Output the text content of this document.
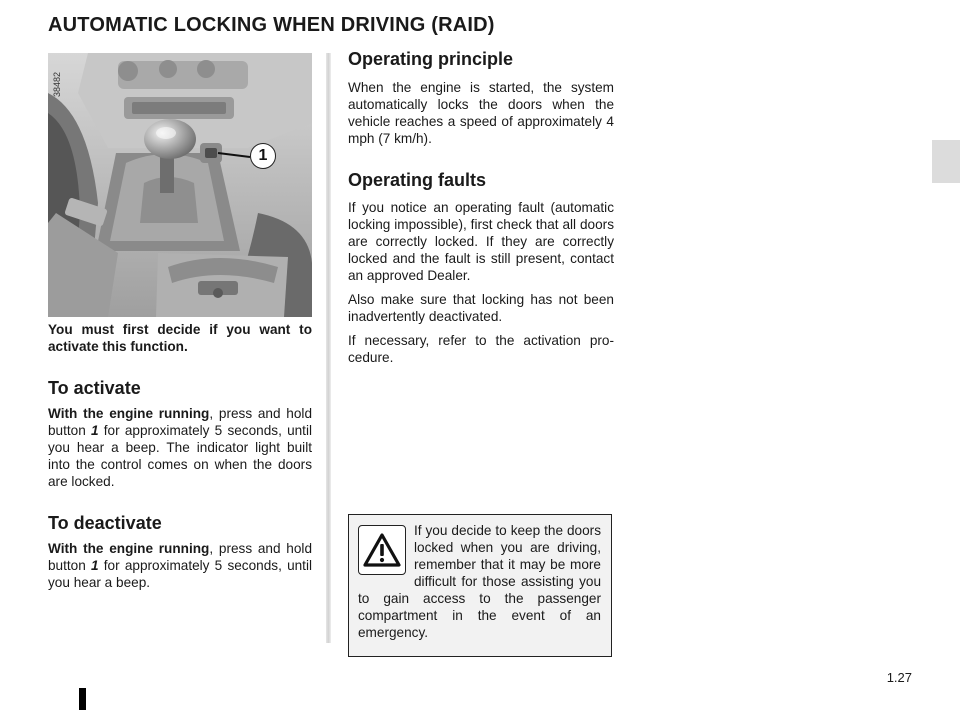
AUTOMATIC LOCKING WHEN DRIVING (RAID)
38482
1

You must first decide if you want to activate this function.

To activate

With the engine running, press and hold button 1 for approximately 5 seconds, until you hear a beep. The indicator light built into the control comes on when the doors are locked.

To deactivate

With the engine running, press and hold button 1 for approximately 5 seconds, until you hear a beep.

Operating principle

When the engine is started, the system automatically locks the doors when the vehicle reaches a speed of approximately 4 mph (7 km/h).

Operating faults

If you notice an operating fault (automatic locking impossible), first check that all doors are correctly locked. If they are correctly locked and the fault is still present, contact an approved Dealer.

Also make sure that locking has not been inadvertently deactivated.

If necessary, refer to the activation procedure.

If you decide to keep the doors locked when you are driving, remember that it may be more difficult for those assisting you to gain access to the passenger compartment in the event of an emergency.
1.27
